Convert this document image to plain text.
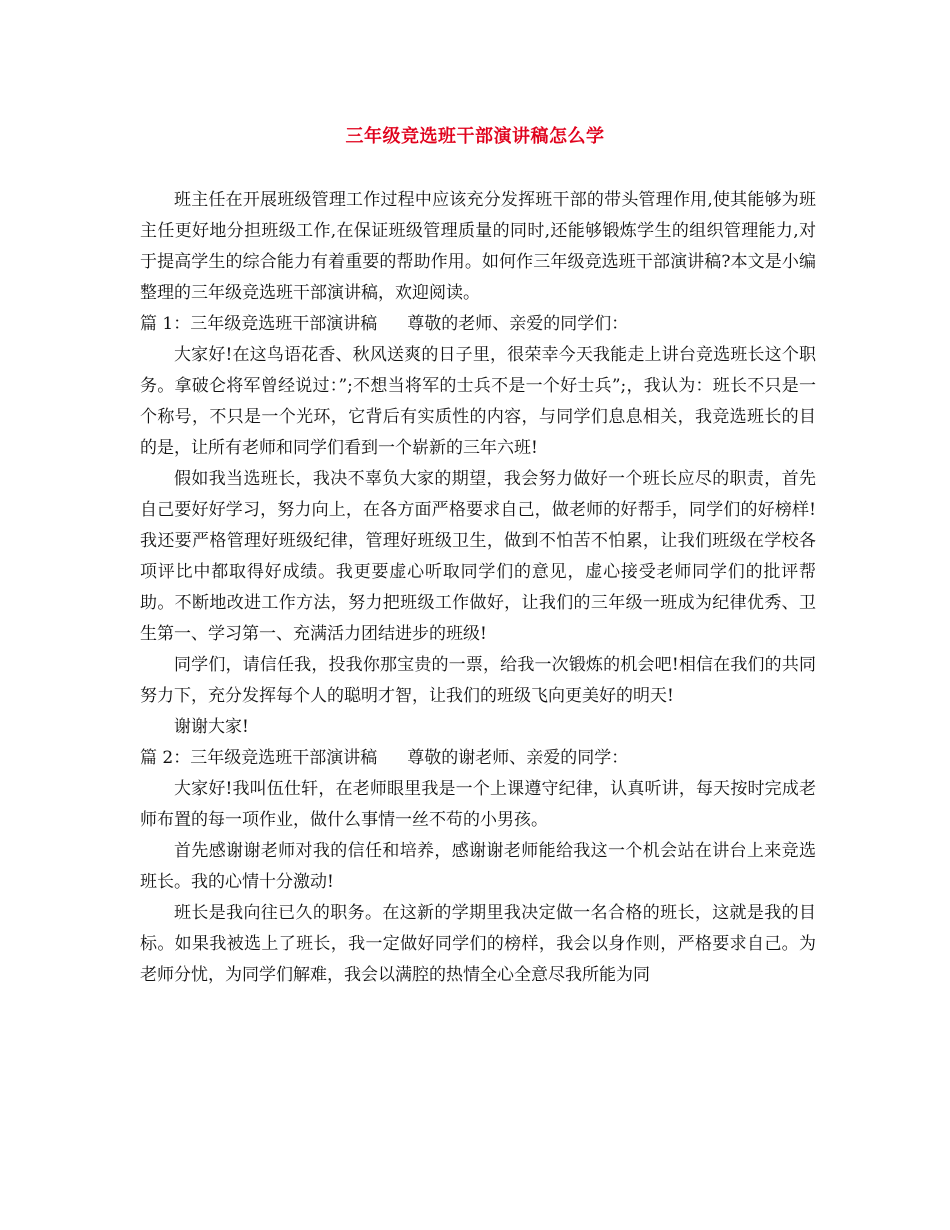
三年级竞选班干部演讲稿怎么学

班主任在开展班级管理工作过程中应该充分发挥班干部的带头管理作用,使其能够为班主任更好地分担班级工作,在保证班级管理质量的同时,还能够锻炼学生的组织管理能力,对于提高学生的综合能力有着重要的帮助作用。如何作三年级竞选班干部演讲稿?本文是小编整理的三年级竞选班干部演讲稿，欢迎阅读。

篇 1：三年级竞选班干部演讲稿 尊敬的老师、亲爱的同学们：

大家好!在这鸟语花香、秋风送爽的日子里，很荣幸今天我能走上讲台竞选班长这个职务。拿破仑将军曾经说过：”;不想当将军的士兵不是一个好士兵”;，我认为：班长不只是一个称号，不只是一个光环，它背后有实质性的内容，与同学们息息相关，我竞选班长的目的是，让所有老师和同学们看到一个崭新的三年六班!

假如我当选班长，我决不辜负大家的期望，我会努力做好一个班长应尽的职责，首先自己要好好学习，努力向上，在各方面严格要求自己，做老师的好帮手，同学们的好榜样!我还要严格管理好班级纪律，管理好班级卫生，做到不怕苦不怕累，让我们班级在学校各项评比中都取得好成绩。我更要虚心听取同学们的意见，虚心接受老师同学们的批评帮助。不断地改进工作方法，努力把班级工作做好，让我们的三年级一班成为纪律优秀、卫生第一、学习第一、充满活力团结进步的班级!

同学们，请信任我，投我你那宝贵的一票，给我一次锻炼的机会吧!相信在我们的共同努力下，充分发挥每个人的聪明才智，让我们的班级飞向更美好的明天!

谢谢大家!

篇 2：三年级竞选班干部演讲稿 尊敬的谢老师、亲爱的同学：

大家好!我叫伍仕轩，在老师眼里我是一个上课遵守纪律，认真听讲，每天按时完成老师布置的每一项作业，做什么事情一丝不苟的小男孩。

首先感谢谢老师对我的信任和培养，感谢谢老师能给我这一个机会站在讲台上来竞选班长。我的心情十分激动!

班长是我向往已久的职务。在这新的学期里我决定做一名合格的班长，这就是我的目标。如果我被选上了班长，我一定做好同学们的榜样，我会以身作则，严格要求自己。为老师分忧，为同学们解难，我会以满腔的热情全心全意尽我所能为同
